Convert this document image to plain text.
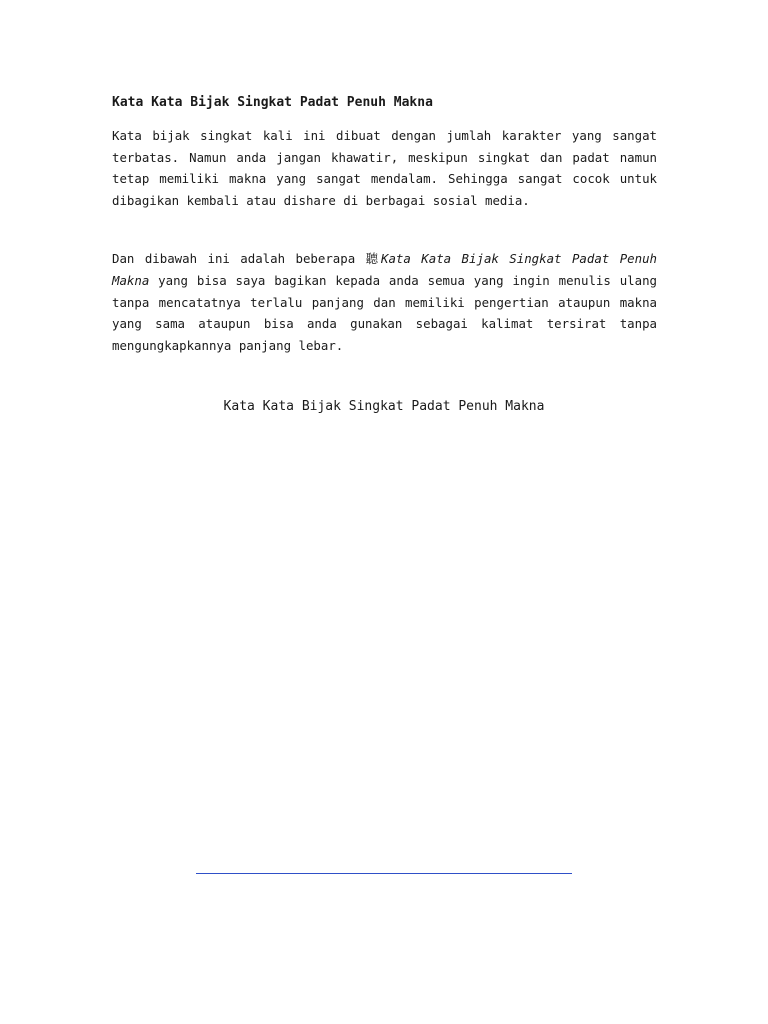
Kata Kata Bijak Singkat Padat Penuh Makna

Kata bijak singkat kali ini dibuat dengan jumlah karakter yang sangat terbatas. Namun anda jangan khawatir, meskipun singkat dan padat namun tetap memiliki makna yang sangat mendalam. Sehingga sangat cocok untuk dibagikan kembali atau dishare di berbagai sosial media.

Dan dibawah ini adalah beberapa 聽Kata Kata Bijak Singkat Padat Penuh Makna yang bisa saya bagikan kepada anda semua yang ingin menulis ulang tanpa mencatatnya terlalu panjang dan memiliki pengertian ataupun makna yang sama ataupun bisa anda gunakan sebagai kalimat tersirat tanpa mengungkapkannya panjang lebar.

Kata Kata Bijak Singkat Padat Penuh Makna
